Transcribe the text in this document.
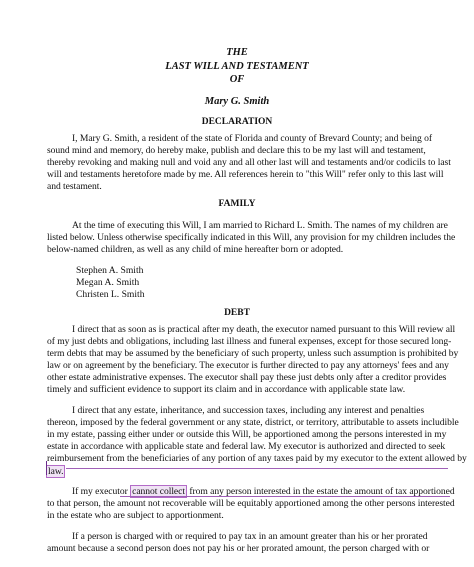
THE
LAST WILL AND TESTAMENT
OF
Mary G. Smith
DECLARATION
I, Mary G. Smith, a resident of the state of Florida and county of Brevard County; and being of
sound mind and memory, do hereby make, publish and declare this to be my last will and testament,
thereby revoking and making null and void any and all other last will and testaments and/or codicils to last
will and testaments heretofore made by me. All references herein to "this Will" refer only to this last will
and testament.
FAMILY
At the time of executing this Will, I am married to Richard L. Smith. The names of my children are
listed below. Unless otherwise specifically indicated in this Will, any provision for my children includes the
below-named children, as well as any child of mine hereafter born or adopted.
Stephen A. Smith
Megan A. Smith
Christen L. Smith
DEBT
I direct that as soon as is practical after my death, the executor named pursuant to this Will review all
of my just debts and obligations, including last illness and funeral expenses, except for those secured long-
term debts that may be assumed by the beneficiary of such property, unless such assumption is prohibited by
law or on agreement by the beneficiary. The executor is further directed to pay any attorneys' fees and any
other estate administrative expenses. The executor shall pay these just debts only after a creditor provides
timely and sufficient evidence to support its claim and in accordance with applicable state law.
I direct that any estate, inheritance, and succession taxes, including any interest and penalties
thereon, imposed by the federal government or any state, district, or territory, attributable to assets includible
in my estate, passing either under or outside this Will, be apportioned among the persons interested in my
estate in accordance with applicable state and federal law. My executor is authorized and directed to seek
reimbursement from the beneficiaries of any portion of any taxes paid by my executor to the extent allowed by
law.
If my executor cannot collect from any person interested in the estate the amount of tax apportioned
to that person, the amount not recoverable will be equitably apportioned among the other persons interested
in the estate who are subject to apportionment.
If a person is charged with or required to pay tax in an amount greater than his or her prorated
amount because a second person does not pay his or her prorated amount, the person charged with or
